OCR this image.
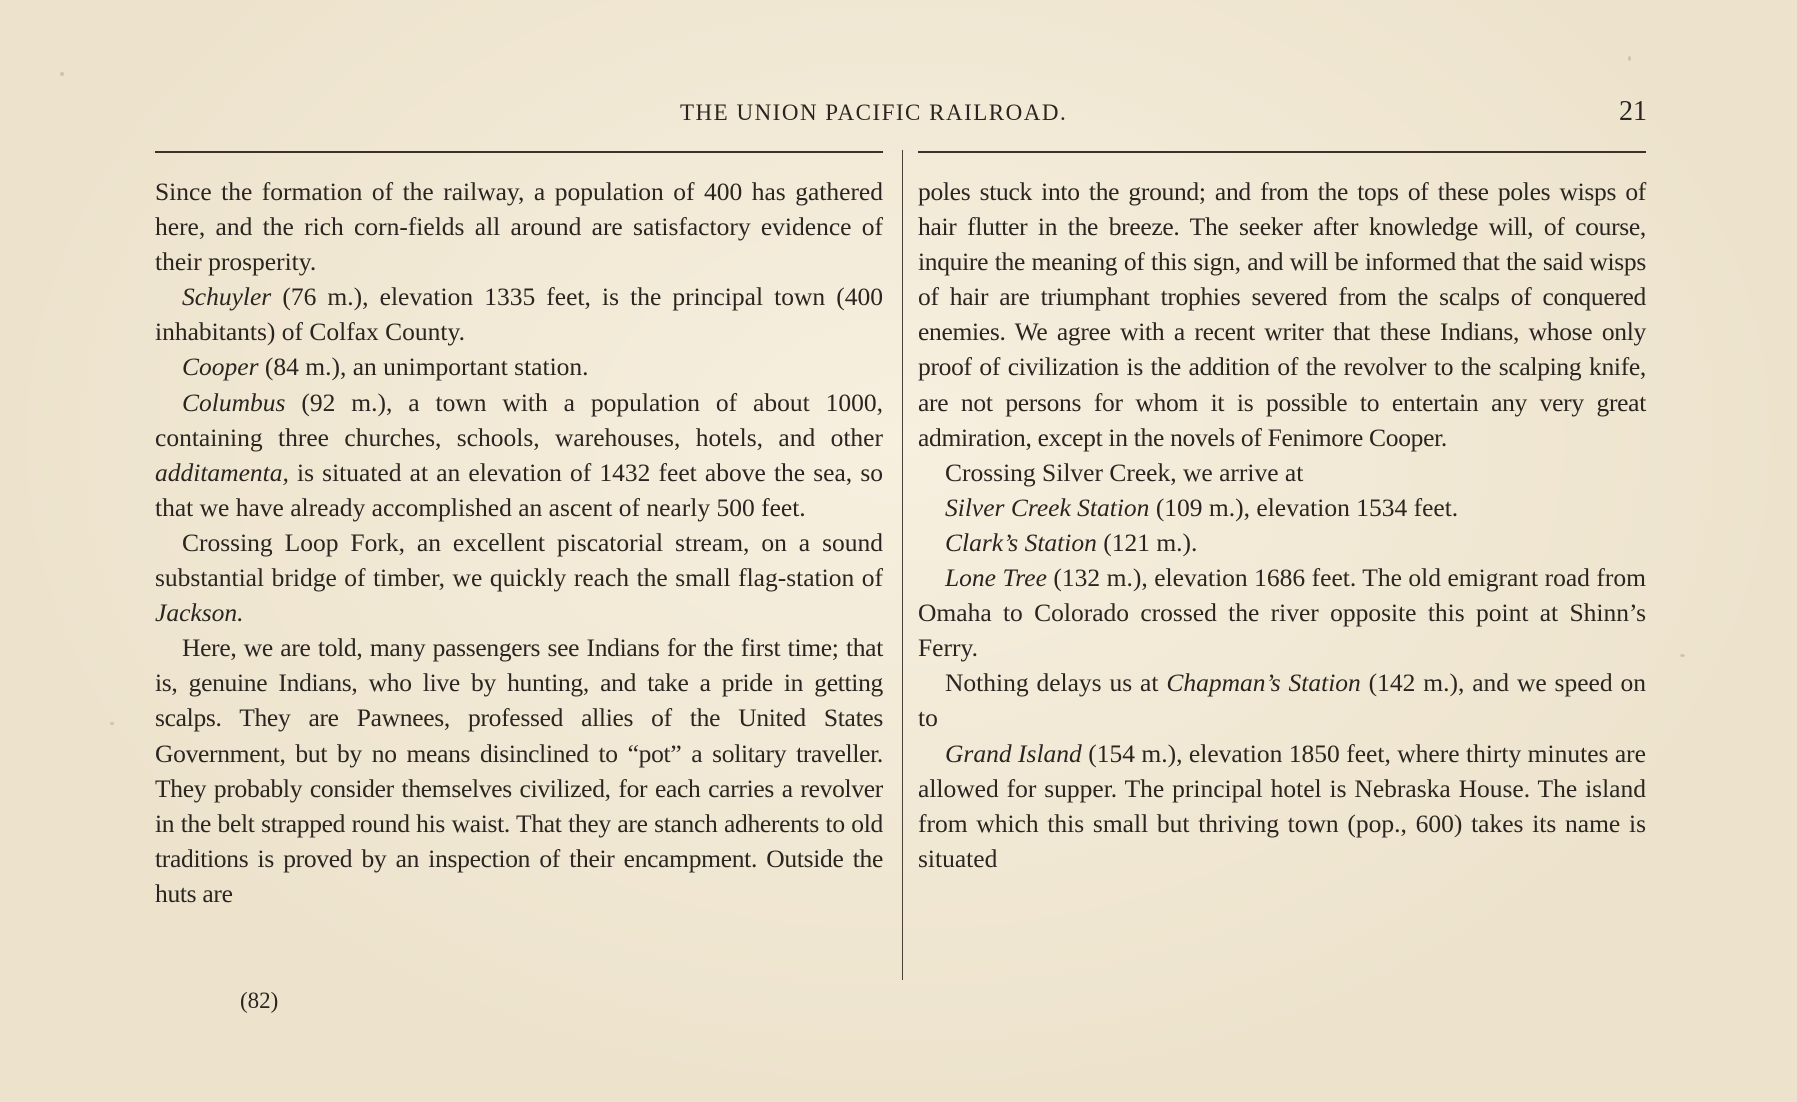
THE UNION PACIFIC RAILROAD.	21

Since the formation of the railway, a population of 400 has gathered here, and the rich corn-fields all around are satisfactory evidence of their prosperity.

Schuyler (76 m.), elevation 1335 feet, is the principal town (400 inhabitants) of Colfax County.

Cooper (84 m.), an unimportant station.

Columbus (92 m.), a town with a population of about 1000, containing three churches, schools, warehouses, hotels, and other additamenta, is situated at an elevation of 1432 feet above the sea, so that we have already accomplished an ascent of nearly 500 feet.

Crossing Loop Fork, an excellent piscatorial stream, on a sound substantial bridge of timber, we quickly reach the small flag-station of Jackson.

Here, we are told, many passengers see Indians for the first time; that is, genuine Indians, who live by hunting, and take a pride in getting scalps. They are Pawnees, professed allies of the United States Government, but by no means disinclined to “pot” a solitary traveller. They probably consider themselves civilized, for each carries a revolver in the belt strapped round his waist. That they are stanch adherents to old traditions is proved by an inspection of their encampment. Outside the huts are

poles stuck into the ground; and from the tops of these poles wisps of hair flutter in the breeze. The seeker after knowledge will, of course, inquire the meaning of this sign, and will be informed that the said wisps of hair are triumphant trophies severed from the scalps of conquered enemies. We agree with a recent writer that these Indians, whose only proof of civilization is the addition of the revolver to the scalping knife, are not persons for whom it is possible to entertain any very great admiration, except in the novels of Fenimore Cooper.

Crossing Silver Creek, we arrive at

Silver Creek Station (109 m.), elevation 1534 feet.

Clark’s Station (121 m.).

Lone Tree (132 m.), elevation 1686 feet. The old emigrant road from Omaha to Colorado crossed the river opposite this point at Shinn’s Ferry.

Nothing delays us at Chapman’s Station (142 m.), and we speed on to

Grand Island (154 m.), elevation 1850 feet, where thirty minutes are allowed for supper. The principal hotel is Nebraska House. The island from which this small but thriving town (pop., 600) takes its name is situated

(82)
